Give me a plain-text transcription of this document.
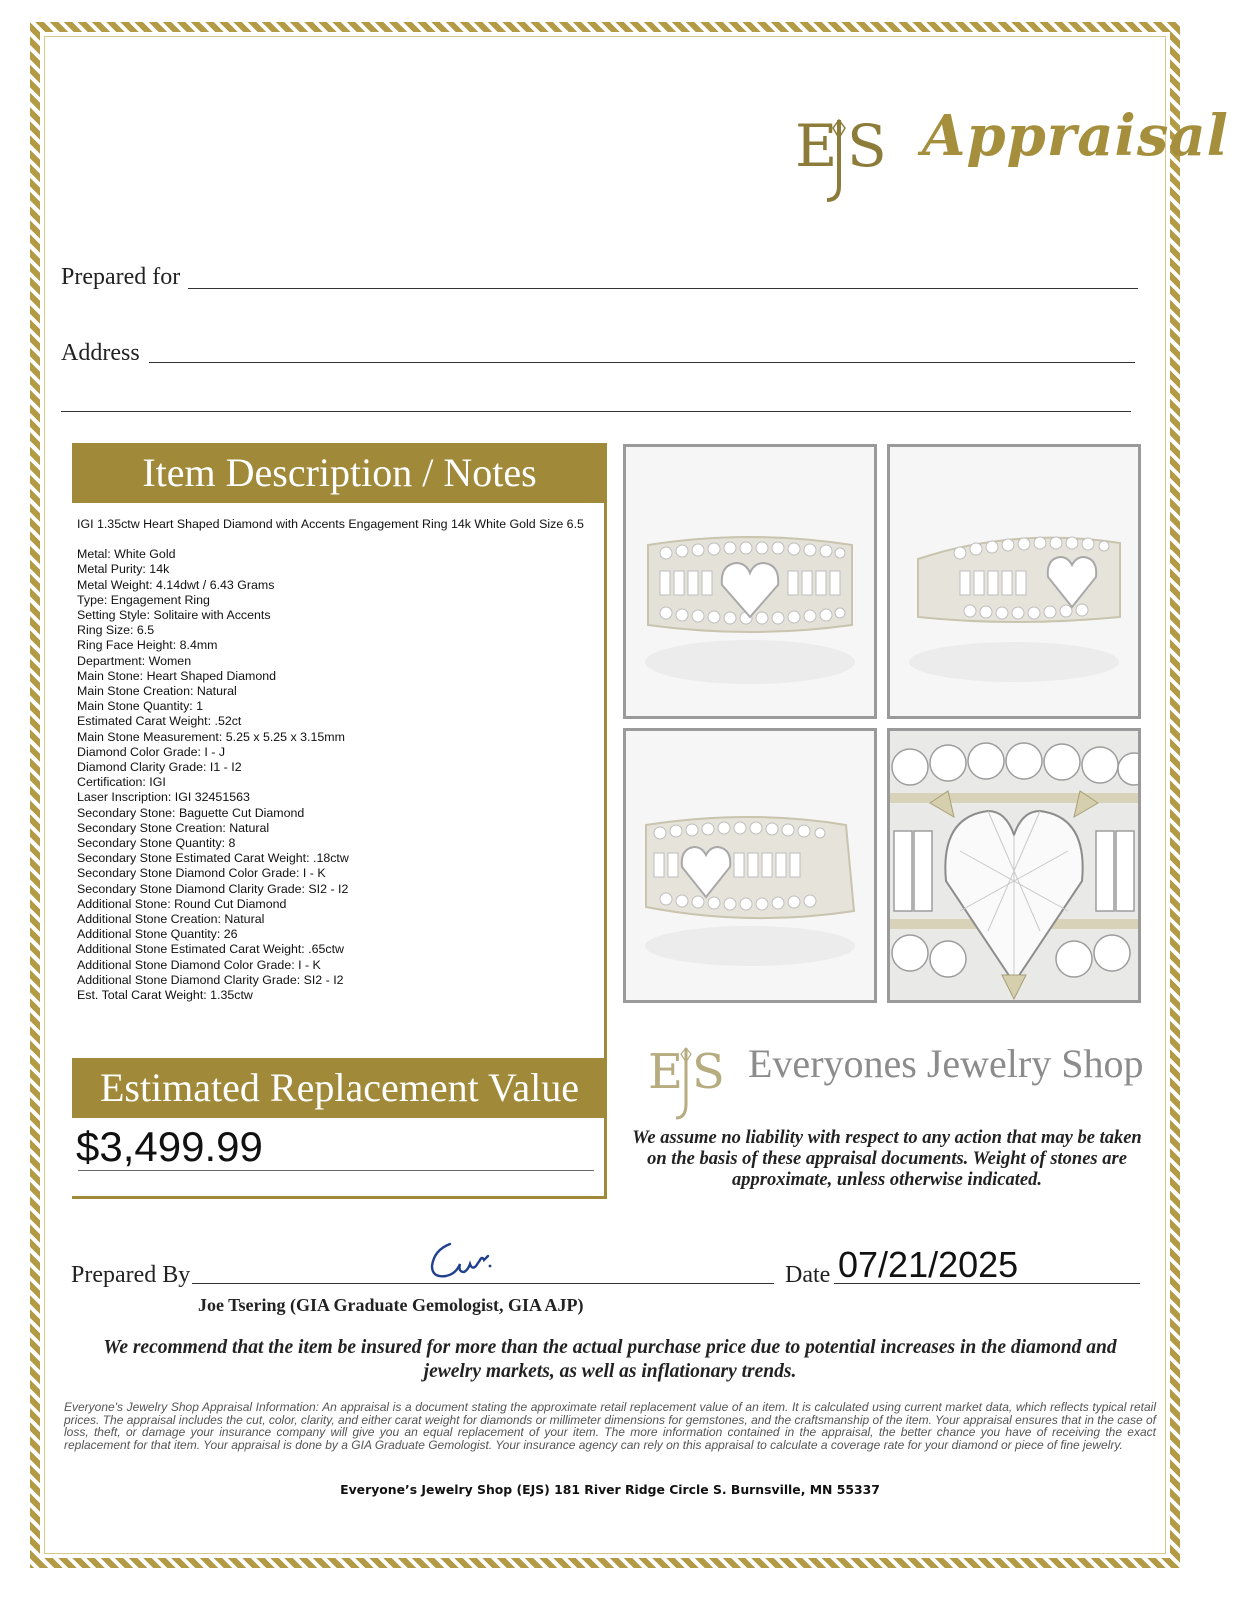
E S Appraisal
Prepared for
Address
Item Description / Notes
IGI 1.35ctw Heart Shaped Diamond with Accents Engagement Ring 14k White Gold Size 6.5
Metal: White Gold
Metal Purity: 14k
Metal Weight: 4.14dwt / 6.43 Grams
Type: Engagement Ring
Setting Style: Solitaire with Accents
Ring Size: 6.5
Ring Face Height: 8.4mm
Department: Women
Main Stone: Heart Shaped Diamond
Main Stone Creation: Natural
Main Stone Quantity: 1
Estimated Carat Weight: .52ct
Main Stone Measurement: 5.25 x 5.25 x 3.15mm
Diamond Color Grade: I - J
Diamond Clarity Grade: I1 - I2
Certification: IGI
Laser Inscription: IGI 32451563
Secondary Stone: Baguette Cut Diamond
Secondary Stone Creation: Natural
Secondary Stone Quantity: 8
Secondary Stone Estimated Carat Weight: .18ctw
Secondary Stone Diamond Color Grade: I - K
Secondary Stone Diamond Clarity Grade: SI2 - I2
Additional Stone: Round Cut Diamond
Additional Stone Creation: Natural
Additional Stone Quantity: 26
Additional Stone Estimated Carat Weight: .65ctw
Additional Stone Diamond Color Grade: I - K
Additional Stone Diamond Clarity Grade: SI2 - I2
Est. Total Carat Weight: 1.35ctw
Estimated Replacement Value
$3,499.99
E S Everyones Jewelry Shop
We assume no liability with respect to any action that may be taken on the basis of these appraisal documents. Weight of stones are approximate, unless otherwise indicated.
Prepared By	Date 07/21/2025
Joe Tsering (GIA Graduate Gemologist, GIA AJP)
We recommend that the item be insured for more than the actual purchase price due to potential increases in the diamond and jewelry markets, as well as inflationary trends.
Everyone's Jewelry Shop Appraisal Information: An appraisal is a document stating the approximate retail replacement value of an item. It is calculated using current market data, which reflects typical retail prices. The appraisal includes the cut, color, clarity, and either carat weight for diamonds or millimeter dimensions for gemstones, and the craftsmanship of the item. Your appraisal ensures that in the case of loss, theft, or damage your insurance company will give you an equal replacement of your item. The more information contained in the appraisal, the better chance you have of receiving the exact replacement for that item. Your appraisal is done by a GIA Graduate Gemologist. Your insurance agency can rely on this appraisal to calculate a coverage rate for your diamond or piece of fine jewelry.
Everyone’s Jewelry Shop (EJS) 181 River Ridge Circle S. Burnsville, MN 55337
